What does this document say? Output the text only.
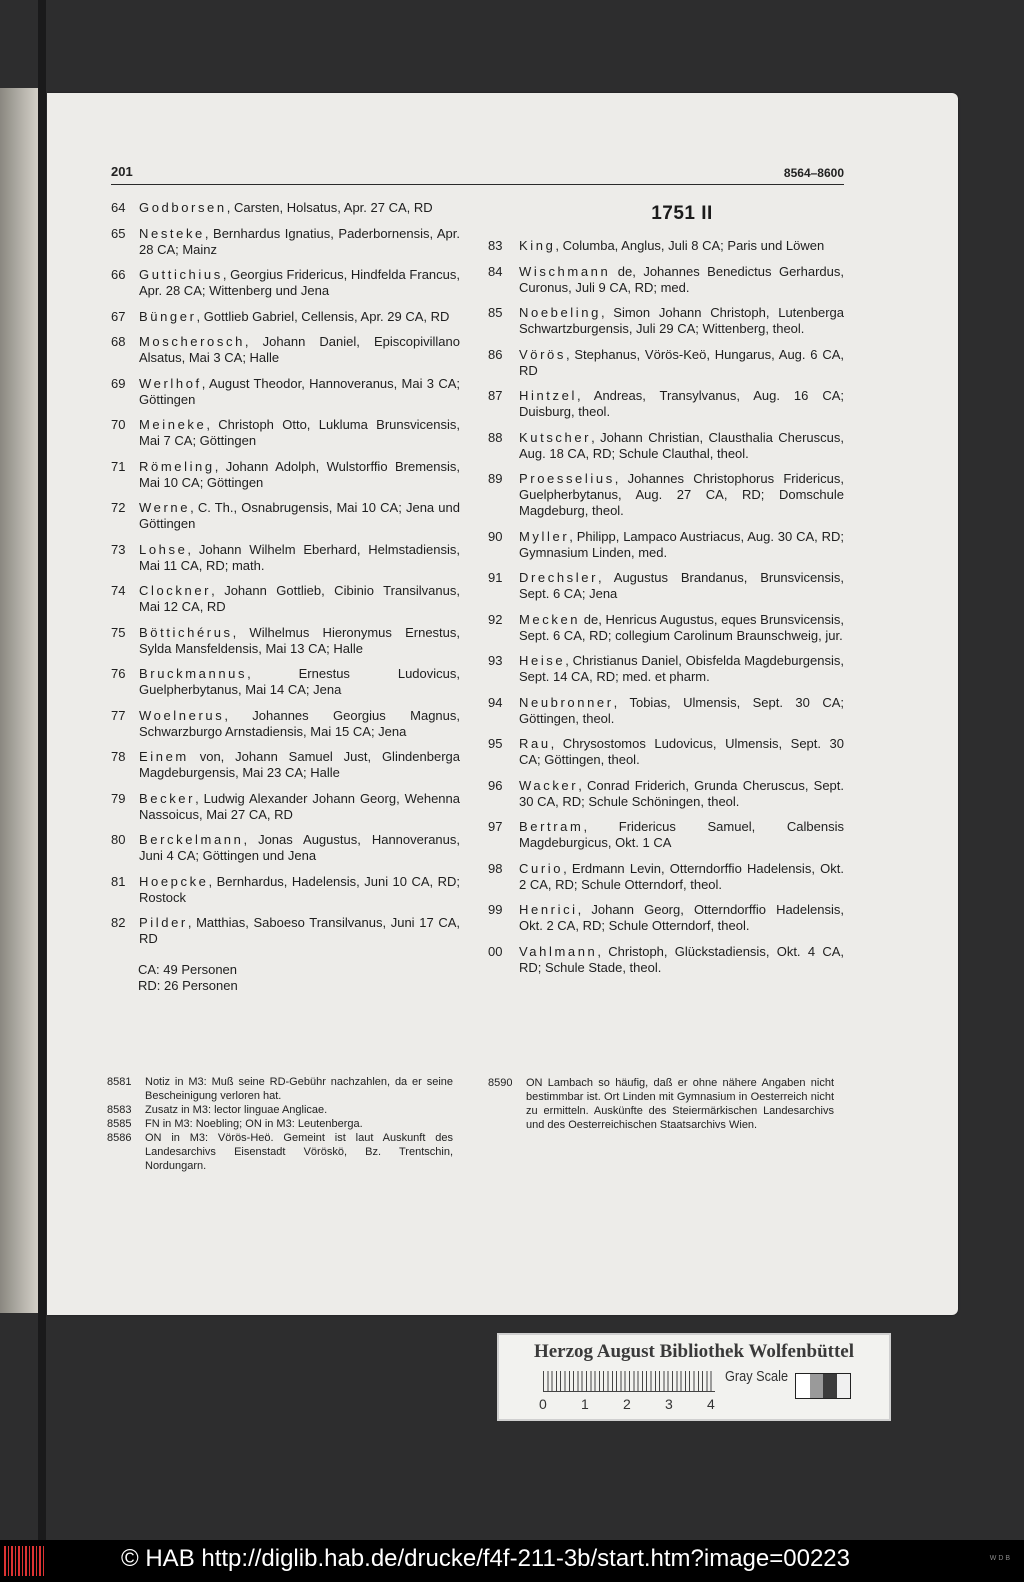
201	8564–8600
64 Godborsen, Carsten, Holsatus, Apr. 27 CA, RD
65 Nesteke, Bernhardus Ignatius, Paderbornensis, Apr. 28 CA; Mainz
66 Guttichius, Georgius Fridericus, Hindfelda Francus, Apr. 28 CA; Wittenberg und Jena
67 Bünger, Gottlieb Gabriel, Cellensis, Apr. 29 CA, RD
68 Moscherosch, Johann Daniel, Episcopivillano Alsatus, Mai 3 CA; Halle
69 Werlhof, August Theodor, Hannoveranus, Mai 3 CA; Göttingen
70 Meineke, Christoph Otto, Lukluma Brunsvicensis, Mai 7 CA; Göttingen
71 Römeling, Johann Adolph, Wulstorffio Bremensis, Mai 10 CA; Göttingen
72 Werne, C. Th., Osnabrugensis, Mai 10 CA; Jena und Göttingen
73 Lohse, Johann Wilhelm Eberhard, Helmstadiensis, Mai 11 CA, RD; math.
74 Clockner, Johann Gottlieb, Cibinio Transilvanus, Mai 12 CA, RD
75 Böttichérus, Wilhelmus Hieronymus Ernestus, Sylda Mansfeldensis, Mai 13 CA; Halle
76 Bruckmannus, Ernestus Ludovicus, Guelpherbytanus, Mai 14 CA; Jena
77 Woelnerus, Johannes Georgius Magnus, Schwarzburgo Arnstadiensis, Mai 15 CA; Jena
78 Einem von, Johann Samuel Just, Glindenberga Magdeburgensis, Mai 23 CA; Halle
79 Becker, Ludwig Alexander Johann Georg, Wehenna Nassoicus, Mai 27 CA, RD
80 Berckelmann, Jonas Augustus, Hannoveranus, Juni 4 CA; Göttingen und Jena
81 Hoepcke, Bernhardus, Hadelensis, Juni 10 CA, RD; Rostock
82 Pilder, Matthias, Saboeso Transilvanus, Juni 17 CA, RD
CA: 49 Personen
RD: 26 Personen
1751 II
83 King, Columba, Anglus, Juli 8 CA; Paris und Löwen
84 Wischmann de, Johannes Benedictus Gerhardus, Curonus, Juli 9 CA, RD; med.
85 Noebeling, Simon Johann Christoph, Lutenberga Schwartzburgensis, Juli 29 CA; Wittenberg, theol.
86 Vörös, Stephanus, Vörös-Keö, Hungarus, Aug. 6 CA, RD
87 Hintzel, Andreas, Transylvanus, Aug. 16 CA; Duisburg, theol.
88 Kutscher, Johann Christian, Clausthalia Cheruscus, Aug. 18 CA, RD; Schule Clauthal, theol.
89 Proesselius, Johannes Christophorus Fridericus, Guelpherbytanus, Aug. 27 CA, RD; Domschule Magdeburg, theol.
90 Myller, Philipp, Lampaco Austriacus, Aug. 30 CA, RD; Gymnasium Linden, med.
91 Drechsler, Augustus Brandanus, Brunsvicensis, Sept. 6 CA; Jena
92 Mecken de, Henricus Augustus, eques Brunsvicensis, Sept. 6 CA, RD; collegium Carolinum Braunschweig, jur.
93 Heise, Christianus Daniel, Obisfelda Magdeburgensis, Sept. 14 CA, RD; med. et pharm.
94 Neubronner, Tobias, Ulmensis, Sept. 30 CA; Göttingen, theol.
95 Rau, Chrysostomos Ludovicus, Ulmensis, Sept. 30 CA; Göttingen, theol.
96 Wacker, Conrad Friderich, Grunda Cheruscus, Sept. 30 CA, RD; Schule Schöningen, theol.
97 Bertram, Fridericus Samuel, Calbensis Magdeburgicus, Okt. 1 CA
98 Curio, Erdmann Levin, Otterndorffio Hadelensis, Okt. 2 CA, RD; Schule Otterndorf, theol.
99 Henrici, Johann Georg, Otterndorffio Hadelensis, Okt. 2 CA, RD; Schule Otterndorf, theol.
00 Vahlmann, Christoph, Glückstadiensis, Okt. 4 CA, RD; Schule Stade, theol.
8581 Notiz in M3: Muß seine RD-Gebühr nachzahlen, da er seine Bescheinigung verloren hat.
8583 Zusatz in M3: lector linguae Anglicae.
8585 FN in M3: Noebling; ON in M3: Leutenberga.
8586 ON in M3: Vörös-Heö. Gemeint ist laut Auskunft des Landesarchivs Eisenstadt Vöröskö, Bz. Trentschin, Nordungarn.
8590 ON Lambach so häufig, daß er ohne nähere Angaben nicht bestimmbar ist. Ort Linden mit Gymnasium in Oesterreich nicht zu ermitteln. Auskünfte des Steiermärkischen Landesarchivs und des Oesterreichischen Staatsarchivs Wien.
Herzog August Bibliothek Wolfenbüttel
0 1 2 3 4
Gray Scale
© HAB http://diglib.hab.de/drucke/f4f-211-3b/start.htm?image=00223	W D B
